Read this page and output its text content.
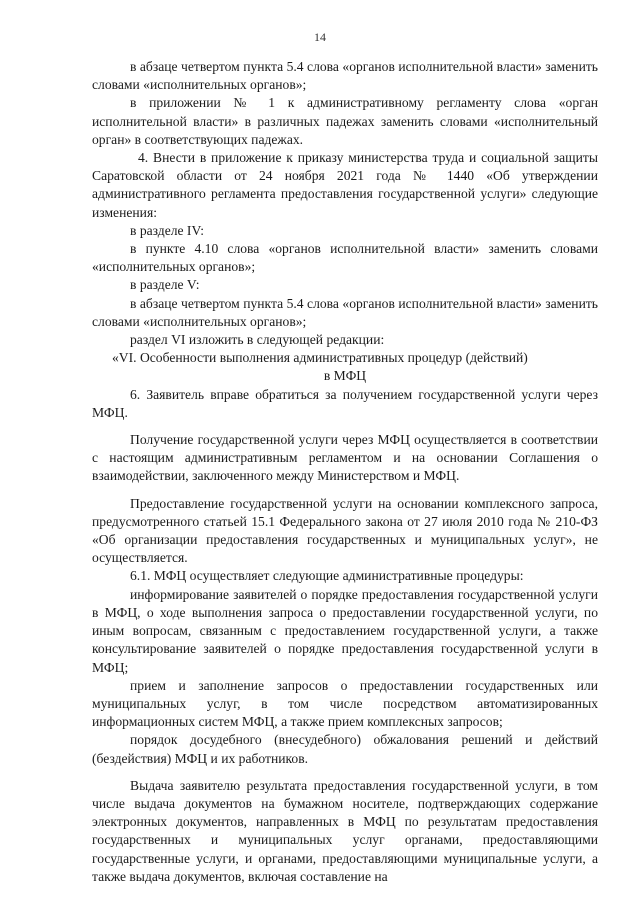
14

в абзаце четвертом пункта 5.4 слова «органов исполнительной власти» заменить словами «исполнительных органов»;

в приложении № 1 к административному регламенту слова «орган исполнительной власти» в различных падежах заменить словами «исполнительный орган» в соответствующих падежах.

4. Внести в приложение к приказу министерства труда и социальной защиты Саратовской области от 24 ноября 2021 года № 1440 «Об утверждении административного регламента предоставления государственной услуги» следующие изменения:

в разделе IV:

в пункте 4.10 слова «органов исполнительной власти» заменить словами «исполнительных органов»;

в разделе V:

в абзаце четвертом пункта 5.4 слова «органов исполнительной власти» заменить словами «исполнительных органов»;

раздел VI изложить в следующей редакции:

«VI. Особенности выполнения административных процедур (действий)

в МФЦ

6. Заявитель вправе обратиться за получением государственной услуги через МФЦ.

Получение государственной услуги через МФЦ осуществляется в соответствии с настоящим административным регламентом и на основании Соглашения о взаимодействии, заключенного между Министерством и МФЦ.

Предоставление государственной услуги на основании комплексного запроса, предусмотренного статьей 15.1 Федерального закона от 27 июля 2010 года № 210-ФЗ «Об организации предоставления государственных и муниципальных услуг», не осуществляется.

6.1. МФЦ осуществляет следующие административные процедуры:

информирование заявителей о порядке предоставления государственной услуги в МФЦ, о ходе выполнения запроса о предоставлении государственной услуги, по иным вопросам, связанным с предоставлением государственной услуги, а также консультирование заявителей о порядке предоставления государственной услуги в МФЦ;

прием и заполнение запросов о предоставлении государственных или муниципальных услуг, в том числе посредством автоматизированных информационных систем МФЦ, а также прием комплексных запросов;

порядок досудебного (внесудебного) обжалования решений и действий (бездействия) МФЦ и их работников.

Выдача заявителю результата предоставления государственной услуги, в том числе выдача документов на бумажном носителе, подтверждающих содержание электронных документов, направленных в МФЦ по результатам предоставления государственных и муниципальных услуг органами, предоставляющими государственные услуги, и органами, предоставляющими муниципальные услуги, а также выдача документов, включая составление на
